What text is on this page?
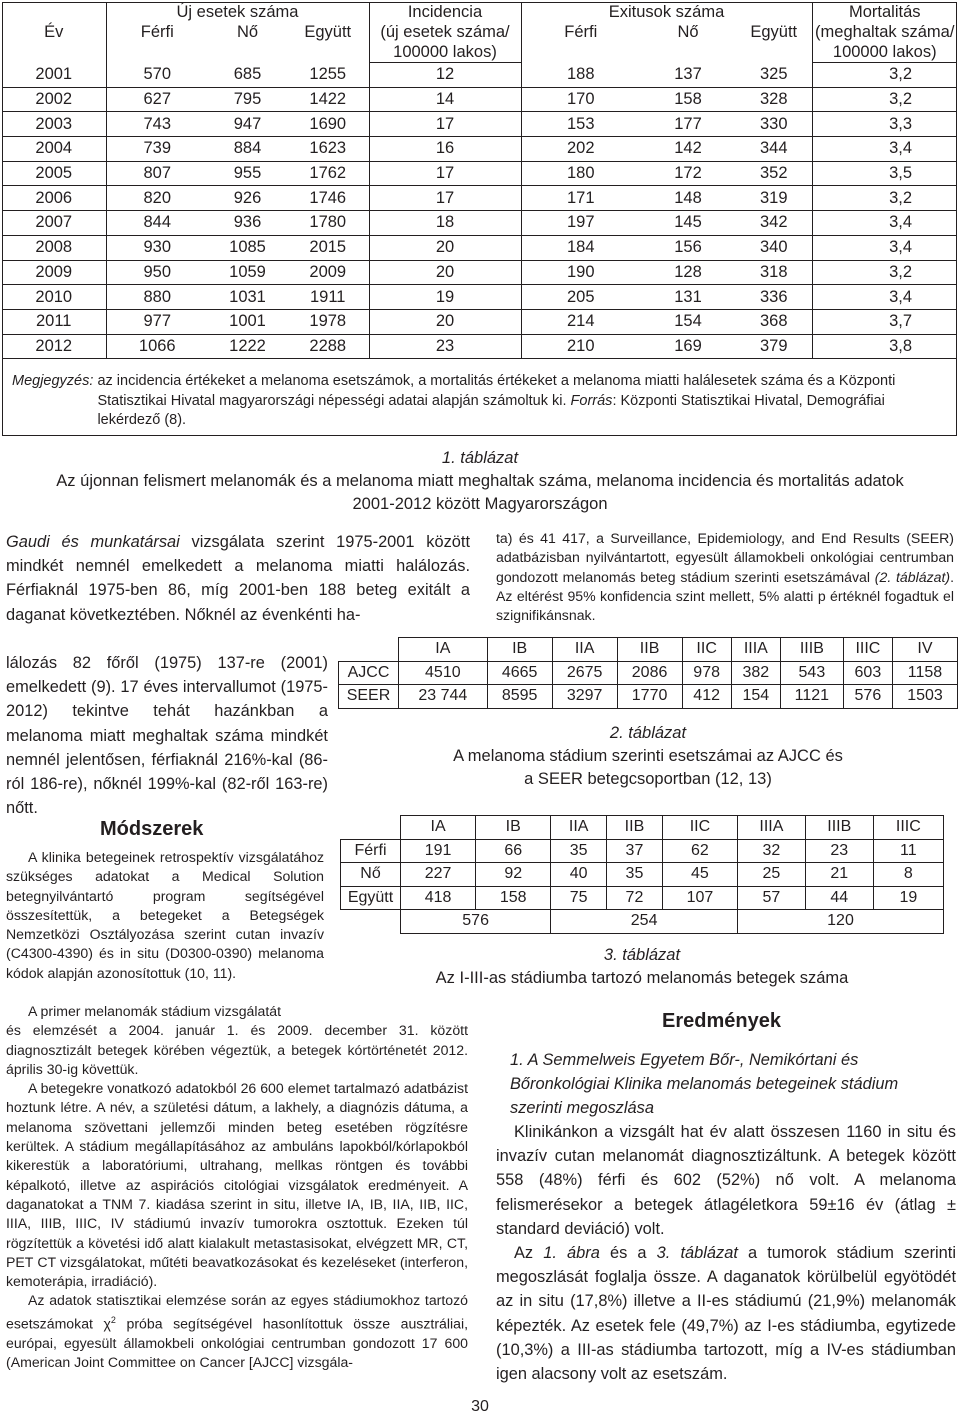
Év	Új esetek száma			Incidencia	Exitusok száma			Mortalitás
	Férfi	Nő	Együtt	(új esetek száma/	Férfi	Nő	Együtt	(meghaltak száma/
				100000 lakos)				100000 lakos)
2001	570	685	1255	12	188	137	325	3,2
2002	627	795	1422	14	170	158	328	3,2
2003	743	947	1690	17	153	177	330	3,3
2004	739	884	1623	16	202	142	344	3,4
2005	807	955	1762	17	180	172	352	3,5
2006	820	926	1746	17	171	148	319	3,2
2007	844	936	1780	18	197	145	342	3,4
2008	930	1085	2015	20	184	156	340	3,4
2009	950	1059	2009	20	190	128	318	3,2
2010	880	1031	1911	19	205	131	336	3,4
2011	977	1001	1978	20	214	154	368	3,7
2012	1066	1222	2288	23	210	169	379	3,8
Megjegyzés: az incidencia értékeket a melanoma esetszámok, a mortalitás értékeket a melanoma miatti halálesetek száma és a Központi Statisztikai Hivatal magyarországi népességi adatai alapján számoltuk ki. Forrás: Központi Statisztikai Hivatal, Demográfiai lekérdező (8).
1. táblázat
Az újonnan felismert melanomák és a melanoma miatt meghaltak száma, melanoma incidencia és mortalitás adatok
2001-2012 között Magyarországon
Gaudi és munkatársai vizsgálata szerint 1975-2001 között mindkét nemnél emelkedett a melanoma miatti halálozás. Férfiaknál 1975-ben 86, míg 2001-ben 188 beteg exitált a daganat következtében. Nőknél az évenkénti ha-
lálozás 82 főről (1975) 137-re (2001) emelkedett (9). 17 éves intervallumot (1975-2012) tekintve tehát hazánkban a melanoma miatt meghaltak száma mindkét nemnél jelentősen, férfiaknál 216%-kal (86-ról 186-re), nőknél 199%-kal (82-ről 163-re) nőtt.
ta) és 41 417, a Surveillance, Epidemiology, and End Results (SEER) adatbázisban nyilvántartott, egyesült államokbeli onkológiai centrumban gondozott melanomás beteg stádium szerinti esetszámával (2. táblázat). Az eltérést 95% konfidencia szint mellett, 5% alatti p értéknél fogadtuk el szignifikánsnak.
	IA	IB	IIA	IIB	IIC	IIIA	IIIB	IIIC	IV
AJCC	4510	4665	2675	2086	978	382	543	603	1158
SEER	23 744	8595	3297	1770	412	154	1121	576	1503
2. táblázat
A melanoma stádium szerinti esetszámai az AJCC és
a SEER betegcsoportban (12, 13)
Módszerek
A klinika betegeinek retrospektív vizsgálatához szükséges adatokat a Medical Solution betegnyilvántartó program segítségével összesítettük, a betegeket a Betegségek Nemzetközi Osztályozása szerint cutan invazív (C4300-4390) és in situ (D0300-0390) melanoma kódok alapján azonosítottuk (10, 11).
A primer melanomák stádium vizsgálatát
és elemzését a 2004. január 1. és 2009. december 31. között diagnosztizált betegek körében végeztük, a betegek kórtörténetét 2012. április 30-ig követtük.
A betegekre vonatkozó adatokból 26 600 elemet tartalmazó adatbázist hoztunk létre. A név, a születési dátum, a lakhely, a diagnózis dátuma, a melanoma szövettani jellemzői minden beteg esetében rögzítésre kerültek. A stádium megállapításához az ambuláns lapokból/kórlapokból kikerestük a laboratóriumi, ultrahang, mellkas röntgen és további képalkotó, illetve az aspirációs citológiai vizsgálatok eredményeit. A daganatokat a TNM 7. kiadása szerint in situ, illetve IA, IB, IIA, IIB, IIC, IIIA, IIIB, IIIC, IV stádiumú invazív tumorokra osztottuk. Ezeken túl rögzítettük a követési idő alatt kialakult metastasisokat, elvégzett MR, CT, PET CT vizsgálatokat, műtéti beavatkozásokat és kezeléseket (interferon, kemoterápia, irradiáció).
Az adatok statisztikai elemzése során az egyes stádiumokhoz tartozó esetszámokat $\chi^2$ próba segítségével hasonlítottuk össze ausztráliai, európai, egyesült államokbeli onkológiai centrumban gondozott 17 600 (American Joint Committee on Cancer [AJCC] vizsgála-
	IA	IB	IIA	IIB	IIC	IIIA	IIIB	IIIC
Férfi	191	66	35	37	62	32	23	11
Nő	227	92	40	35	45	25	21	8
Együtt	418	158	75	72	107	57	44	19
	576		254			120		
3. táblázat
Az I-III-as stádiumba tartozó melanomás betegek száma
Eredmények
1. A Semmelweis Egyetem Bőr-, Nemikórtani és Bőronkológiai Klinika melanomás betegeinek stádium szerinti megoszlása
Klinikánkon a vizsgált hat év alatt összesen 1160 in situ és invazív cutan melanomát diagnosztizáltunk. A betegek között 558 (48%) férfi és 602 (52%) nő volt. A melanoma felismerésekor a betegek átlagéletkora 59±16 év (átlag ± standard deviáció) volt.
Az 1. ábra és a 3. táblázat a tumorok stádium szerinti megoszlását foglalja össze. A daganatok körülbelül egyötödét az in situ (17,8%) illetve a II-es stádiumú (21,9%) melanomák képezték. Az esetek fele (49,7%) az I-es stádiumba, egytizede (10,3%) a III-as stádiumba tartozott, míg a IV-es stádiumban igen alacsony volt az esetszám.
30
